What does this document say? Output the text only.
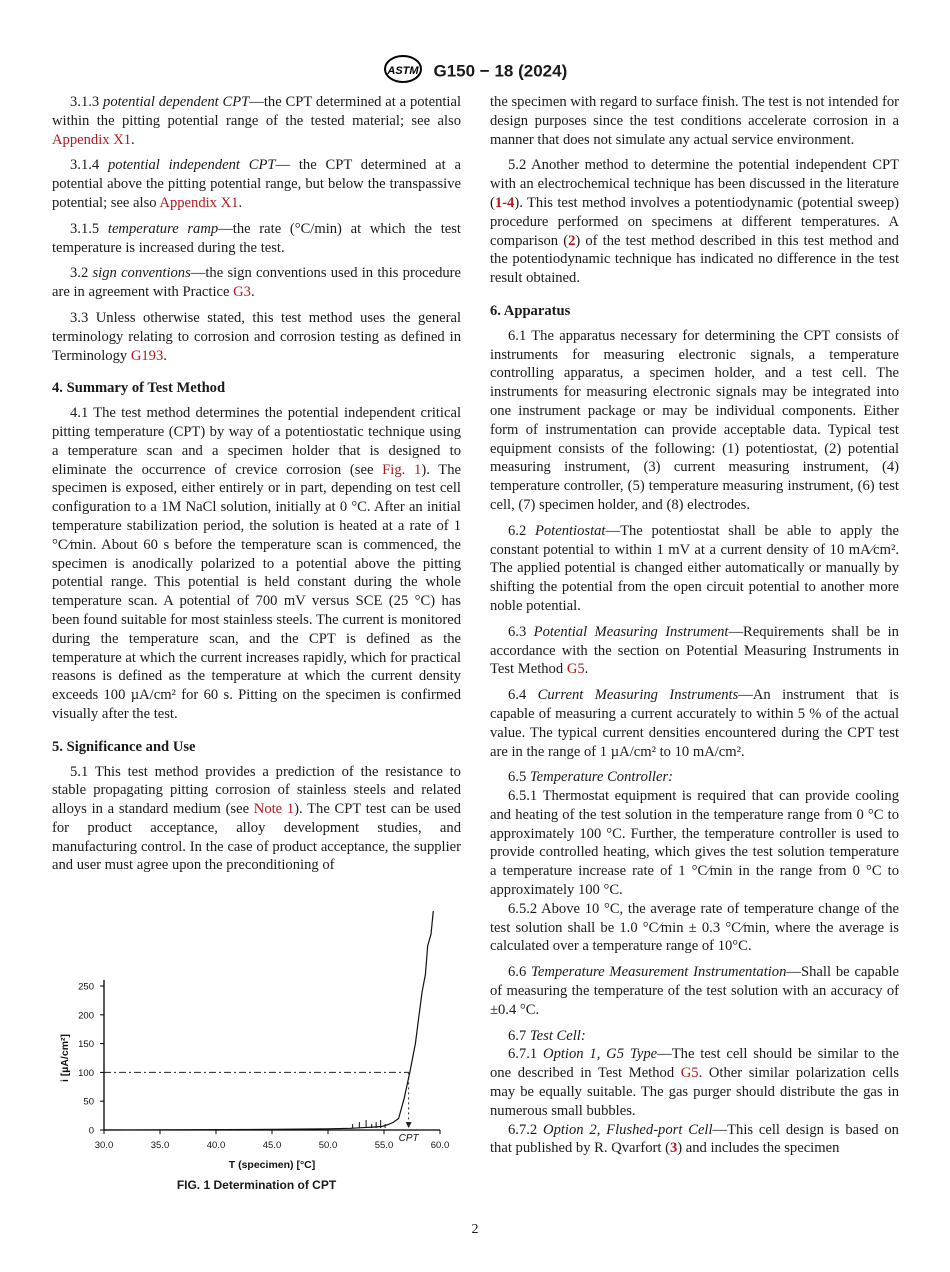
ASTM G150 − 18 (2024)

3.1.3 potential dependent CPT—the CPT determined at a potential within the pitting potential range of the tested material; see also Appendix X1.

3.1.4 potential independent CPT— the CPT determined at a potential above the pitting potential range, but below the transpassive potential; see also Appendix X1.

3.1.5 temperature ramp—the rate (°C/min) at which the test temperature is increased during the test.

3.2 sign conventions—the sign conventions used in this procedure are in agreement with Practice G3.

3.3 Unless otherwise stated, this test method uses the general terminology relating to corrosion and corrosion testing as defined in Terminology G193.

4. Summary of Test Method

4.1 The test method determines the potential independent critical pitting temperature (CPT) by way of a potentiostatic technique using a temperature scan and a specimen holder that is designed to eliminate the occurrence of crevice corrosion (see Fig. 1). The specimen is exposed, either entirely or in part, depending on test cell configuration to a 1M NaCl solution, initially at 0 °C. After an initial temperature stabilization period, the solution is heated at a rate of 1 °C⁄min. About 60 s before the temperature scan is commenced, the specimen is anodically polarized to a potential above the pitting potential range. This potential is held constant during the whole temperature scan. A potential of 700 mV versus SCE (25 °C) has been found suitable for most stainless steels. The current is monitored during the temperature scan, and the CPT is defined as the temperature at which the current increases rapidly, which for practical reasons is defined as the temperature at which the current density exceeds 100 µA/cm² for 60 s. Pitting on the specimen is confirmed visually after the test.

5. Significance and Use

5.1 This test method provides a prediction of the resistance to stable propagating pitting corrosion of stainless steels and related alloys in a standard medium (see Note 1). The CPT test can be used for product acceptance, alloy development studies, and manufacturing control. In the case of product acceptance, the supplier and user must agree upon the preconditioning of

the specimen with regard to surface finish. The test is not intended for design purposes since the test conditions accelerate corrosion in a manner that does not simulate any actual service environment.

5.2 Another method to determine the potential independent CPT with an electrochemical technique has been discussed in the literature (1-4). This test method involves a potentiodynamic (potential sweep) procedure performed on specimens at different temperatures. A comparison (2) of the test method described in this test method and the potentiodynamic technique has indicated no difference in the test result obtained.

6. Apparatus

6.1 The apparatus necessary for determining the CPT consists of instruments for measuring electronic signals, a temperature controlling apparatus, a specimen holder, and a test cell. The instruments for measuring electronic signals may be integrated into one instrument package or may be individual components. Either form of instrumentation can provide acceptable data. Typical test equipment consists of the following: (1) potentiostat, (2) potential measuring instrument, (3) current measuring instrument, (4) temperature controller, (5) temperature measuring instrument, (6) test cell, (7) specimen holder, and (8) electrodes.

6.2 Potentiostat—The potentiostat shall be able to apply the constant potential to within 1 mV at a current density of 10 mA⁄cm². The applied potential is changed either automatically or manually by shifting the potential from the open circuit potential to another more noble potential.

6.3 Potential Measuring Instrument—Requirements shall be in accordance with the section on Potential Measuring Instruments in Test Method G5.

6.4 Current Measuring Instruments—An instrument that is capable of measuring a current accurately to within 5 % of the actual value. The typical current densities encountered during the CPT test are in the range of 1 µA/cm² to 10 mA/cm².

6.5 Temperature Controller:

6.5.1 Thermostat equipment is required that can provide cooling and heating of the test solution in the temperature range from 0 °C to approximately 100 °C. Further, the temperature controller is used to provide controlled heating, which gives the test solution temperature a temperature increase rate of 1 °C⁄min in the range from 0 °C to approximately 100 °C.

6.5.2 Above 10 °C, the average rate of temperature change of the test solution shall be 1.0 °C⁄min ± 0.3 °C⁄min, where the average is calculated over a temperature range of 10°C.

6.6 Temperature Measurement Instrumentation—Shall be capable of measuring the temperature of the test solution with an accuracy of ±0.4 °C.

6.7 Test Cell:

6.7.1 Option 1, G5 Type—The test cell should be similar to the one described in Test Method G5. Other similar polarization cells may be equally suitable. The gas purger should distribute the gas in numerous small bubbles.

6.7.2 Option 2, Flushed-port Cell—This cell design is based on that published by R. Qvarfort (3) and includes the specimen

30.0	35.0	40.0	45.0	50.0	55.0	60.0
0
50
100
150
200
250
T (specimen) [°C]
i [µA/cm²]
CPT
FIG. 1 Determination of CPT
2
